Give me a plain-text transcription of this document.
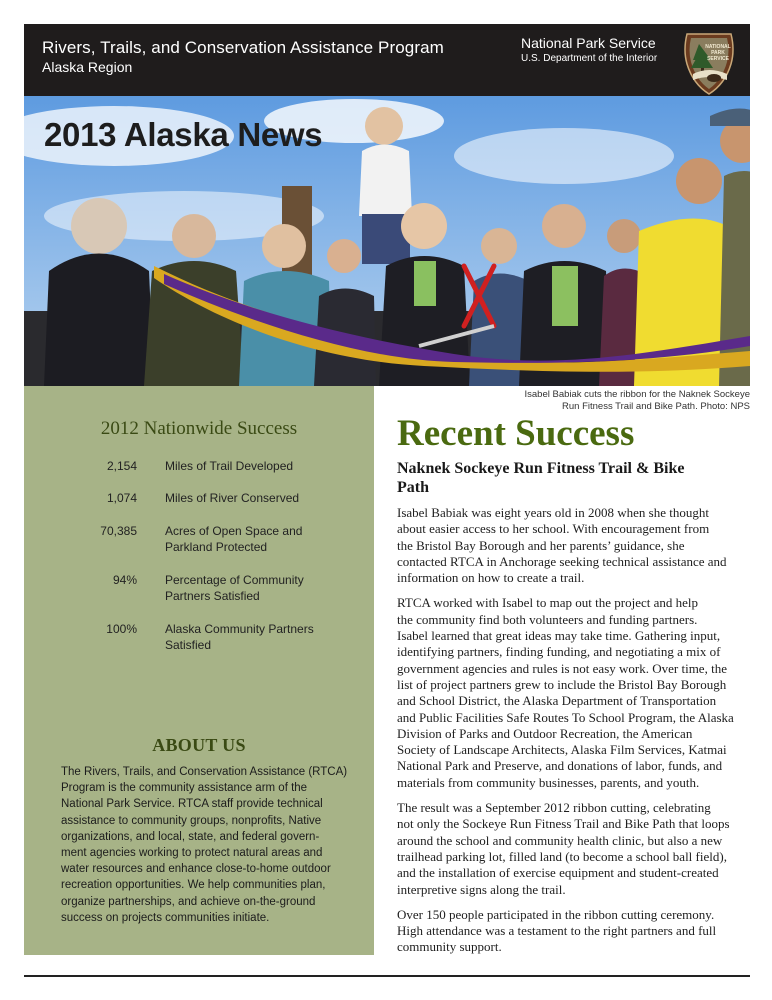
Rivers, Trails, and Conservation Assistance Program
Alaska Region
National Park Service
U.S. Department of the Interior
NATIONAL
PARK
SERVICE
2013 Alaska News
Isabel Babiak cuts the ribbon for the Naknek Sockeye
Run Fitness Trail and Bike Path. Photo: NPS
2012 Nationwide Success
2,154 Miles of Trail Developed
1,074 Miles of River Conserved
70,385 Acres of Open Space and
Parkland Protected
94% Percentage of Community
Partners Satisfied
100% Alaska Community Partners
Satisfied
ABOUT US
The Rivers, Trails, and Conservation Assistance (RTCA)
Program is the community assistance arm of the
National Park Service. RTCA staff provide technical
assistance to community groups, nonprofits, Native
organizations, and local, state, and federal govern-
ment agencies working to protect natural areas and
water resources and enhance close-to-home outdoor
recreation opportunities. We help communities plan,
organize partnerships, and achieve on-the-ground
success on projects communities initiate.
Recent Success
Naknek Sockeye Run Fitness Trail & Bike
Path

Isabel Babiak was eight years old in 2008 when she thought
about easier access to her school. With encouragement from
the Bristol Bay Borough and her parents’ guidance, she
contacted RTCA in Anchorage seeking technical assistance and
information on how to create a trail.

RTCA worked with Isabel to map out the project and help
the community find both volunteers and funding partners.
Isabel learned that great ideas may take time. Gathering input,
identifying partners, finding funding, and negotiating a mix of
government agencies and rules is not easy work. Over time, the
list of project partners grew to include the Bristol Bay Borough
and School District, the Alaska Department of Transportation
and Public Facilities Safe Routes To School Program, the Alaska
Division of Parks and Outdoor Recreation, the American
Society of Landscape Architects, Alaska Film Services, Katmai
National Park and Preserve, and donations of labor, funds, and
materials from community businesses, parents, and youth.

The result was a September 2012 ribbon cutting, celebrating
not only the Sockeye Run Fitness Trail and Bike Path that loops
around the school and community health clinic, but also a new
trailhead parking lot, filled land (to become a school ball field),
and the installation of exercise equipment and student-created
interpretive signs along the trail.

Over 150 people participated in the ribbon cutting ceremony.
High attendance was a testament to the right partners and full
community support.
